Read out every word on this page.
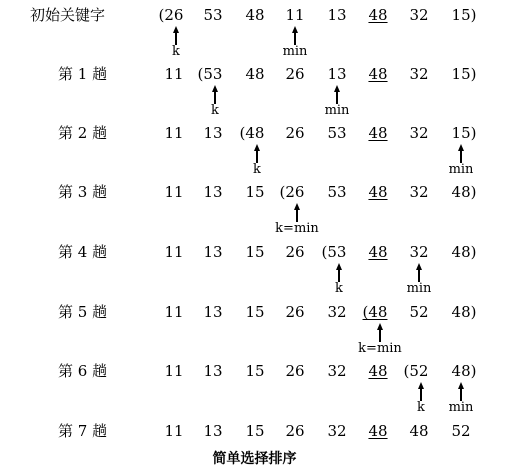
初始关键字	(26 53 48 11 13 48 32 15)
k	min
第 1 趟	11 (53 48 26 13 48 32 15)
k	min
第 2 趟	11 13 (48 26 53 48 32 15)
k	min
第 3 趟	11 13 15 (26 53 48 32 48)
k=min
第 4 趟	11 13 15 26 (53 48 32 48)
k	min
第 5 趟	11 13 15 26 32 (48 52 48)
k=min
第 6 趟	11 13 15 26 32 48 (52 48)
k min
第 7 趟	11 13 15 26 32 48 48 52
简单选择排序
